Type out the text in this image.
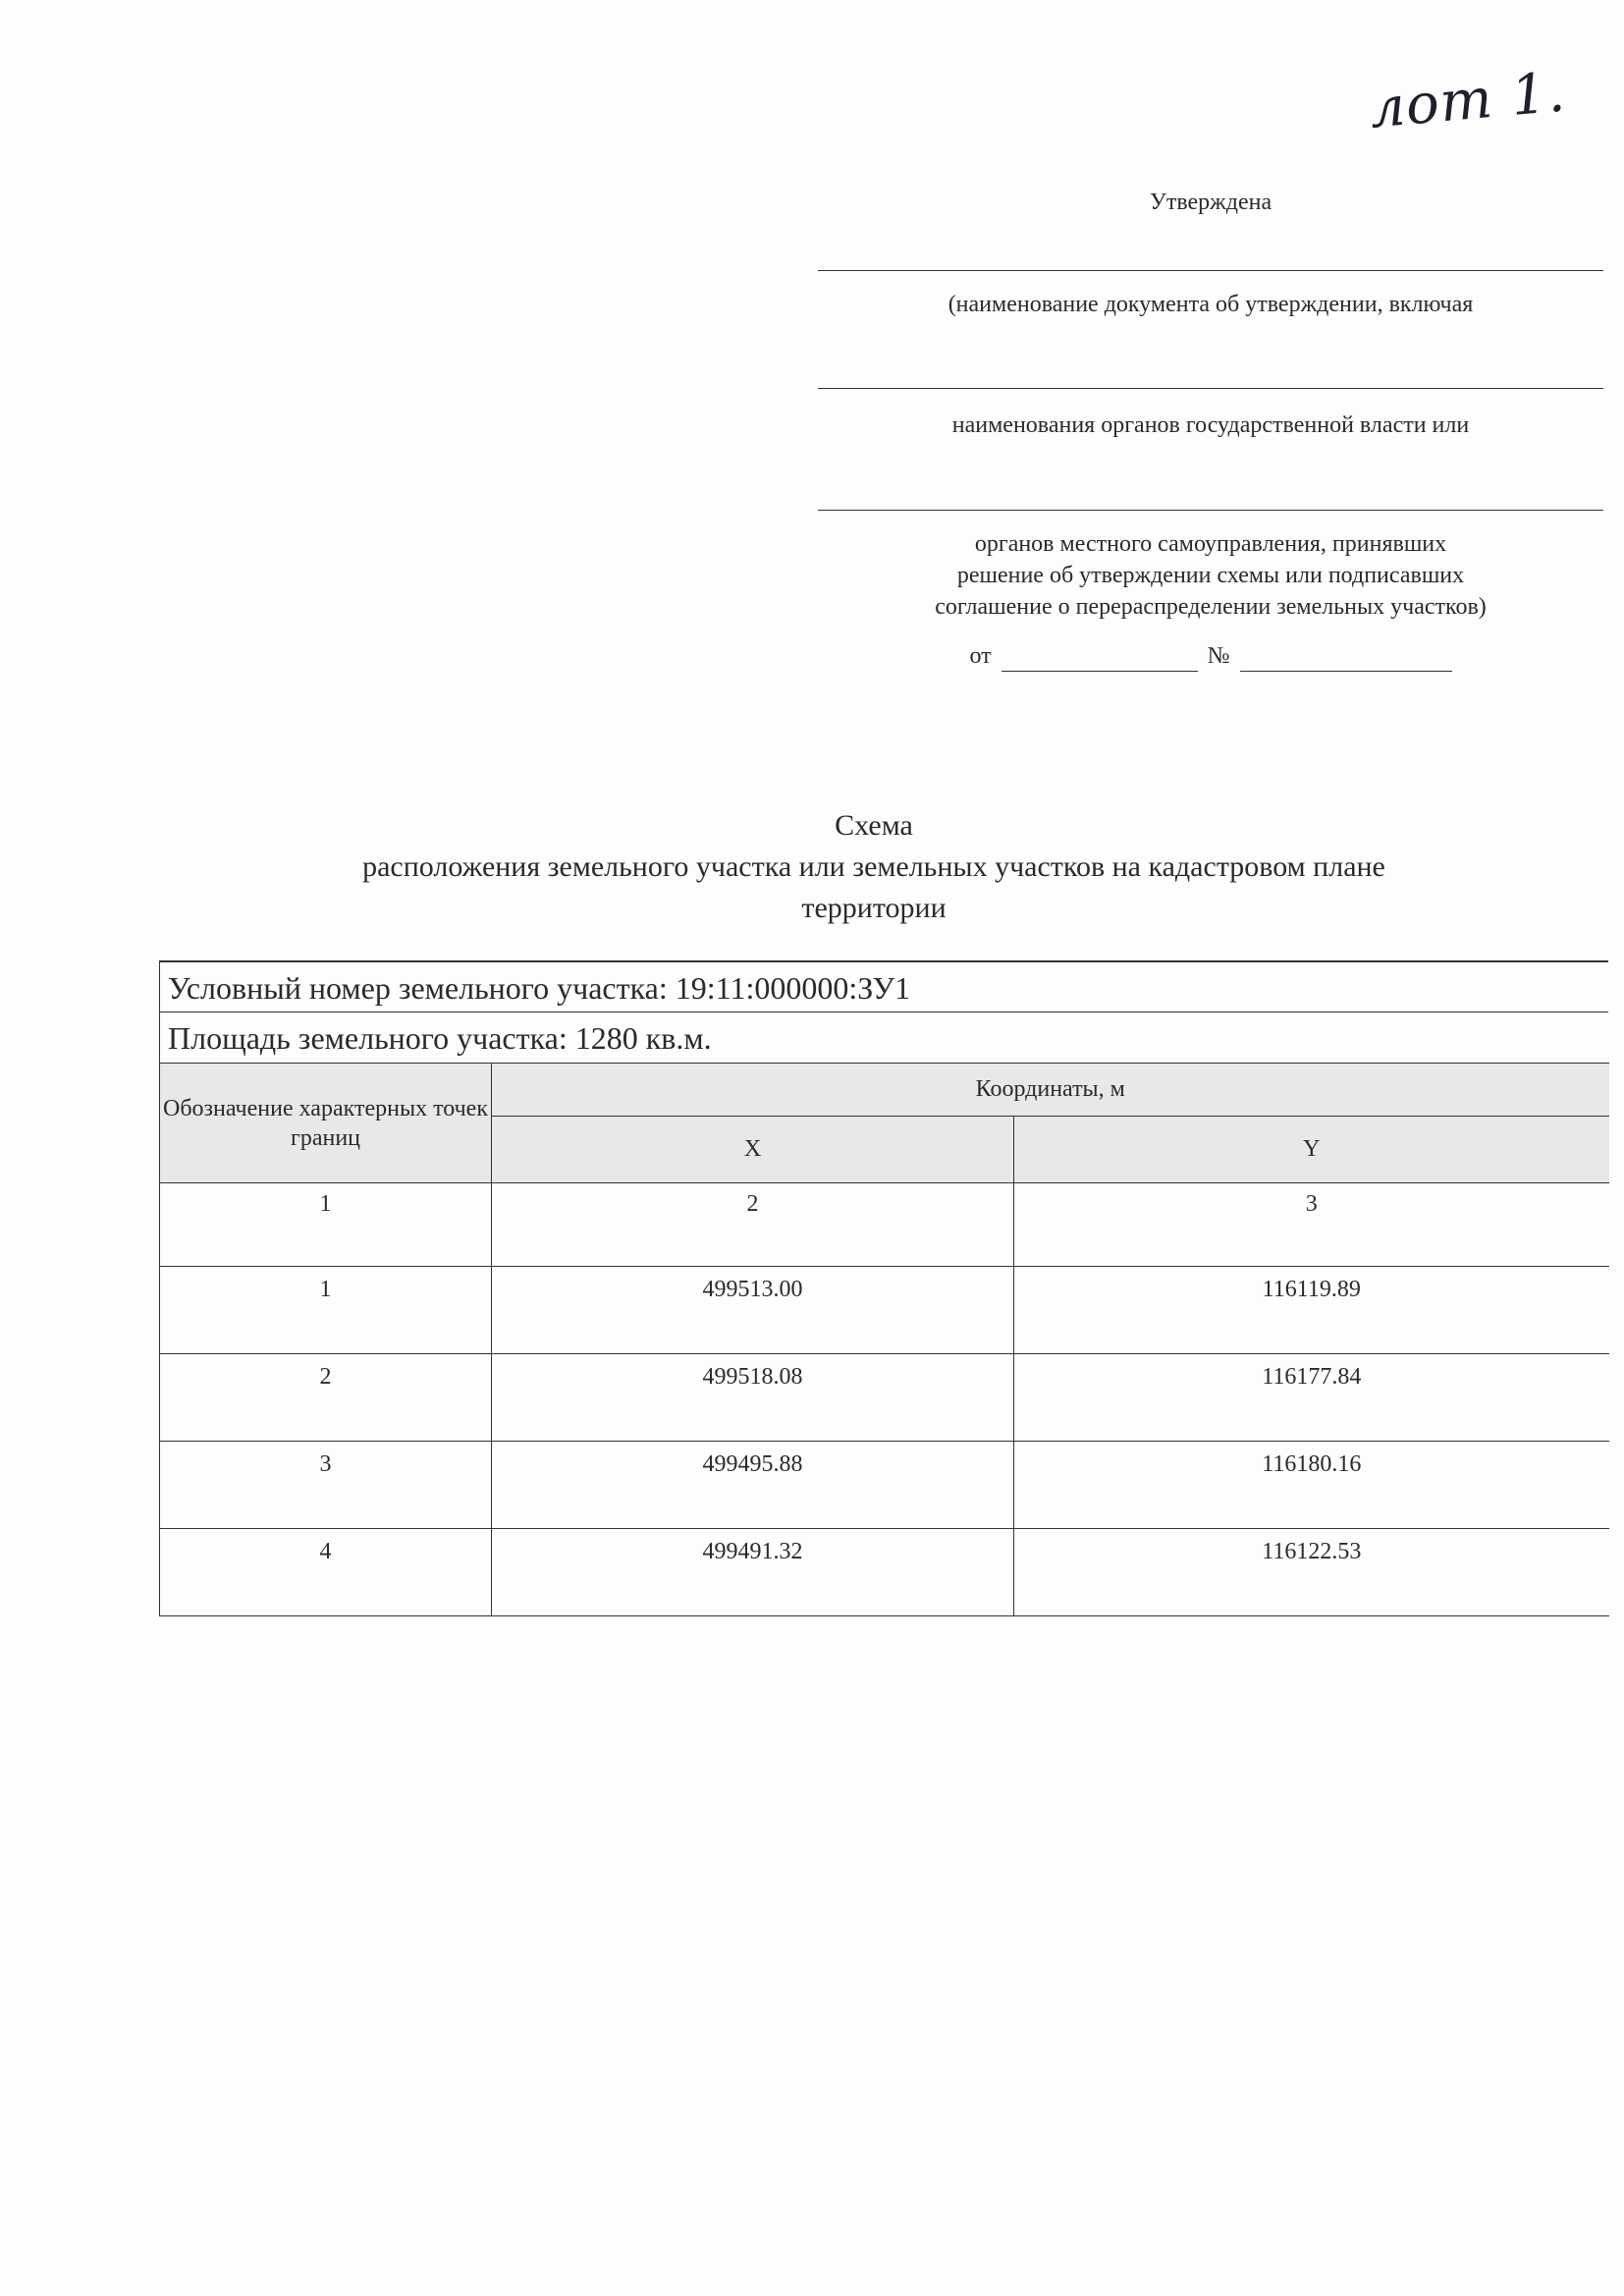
лот 1.

Утверждена

(наименование документа об утверждении, включая

наименования органов государственной власти или

органов местного самоуправления, принявших
решение об утверждении схемы или подписавших
соглашение о перераспределении земельных участков)
от	№
Схема
расположения земельного участка или земельных участков на кадастровом плане
территории
Условный номер земельного участка: 19:11:000000:ЗУ1
Площадь земельного участка: 1280 кв.м.
Обозначение характерных точек границ	Координаты, м	
	X	Y
1	2	3
1	499513.00	116119.89
2	499518.08	116177.84
3	499495.88	116180.16
4	499491.32	116122.53
